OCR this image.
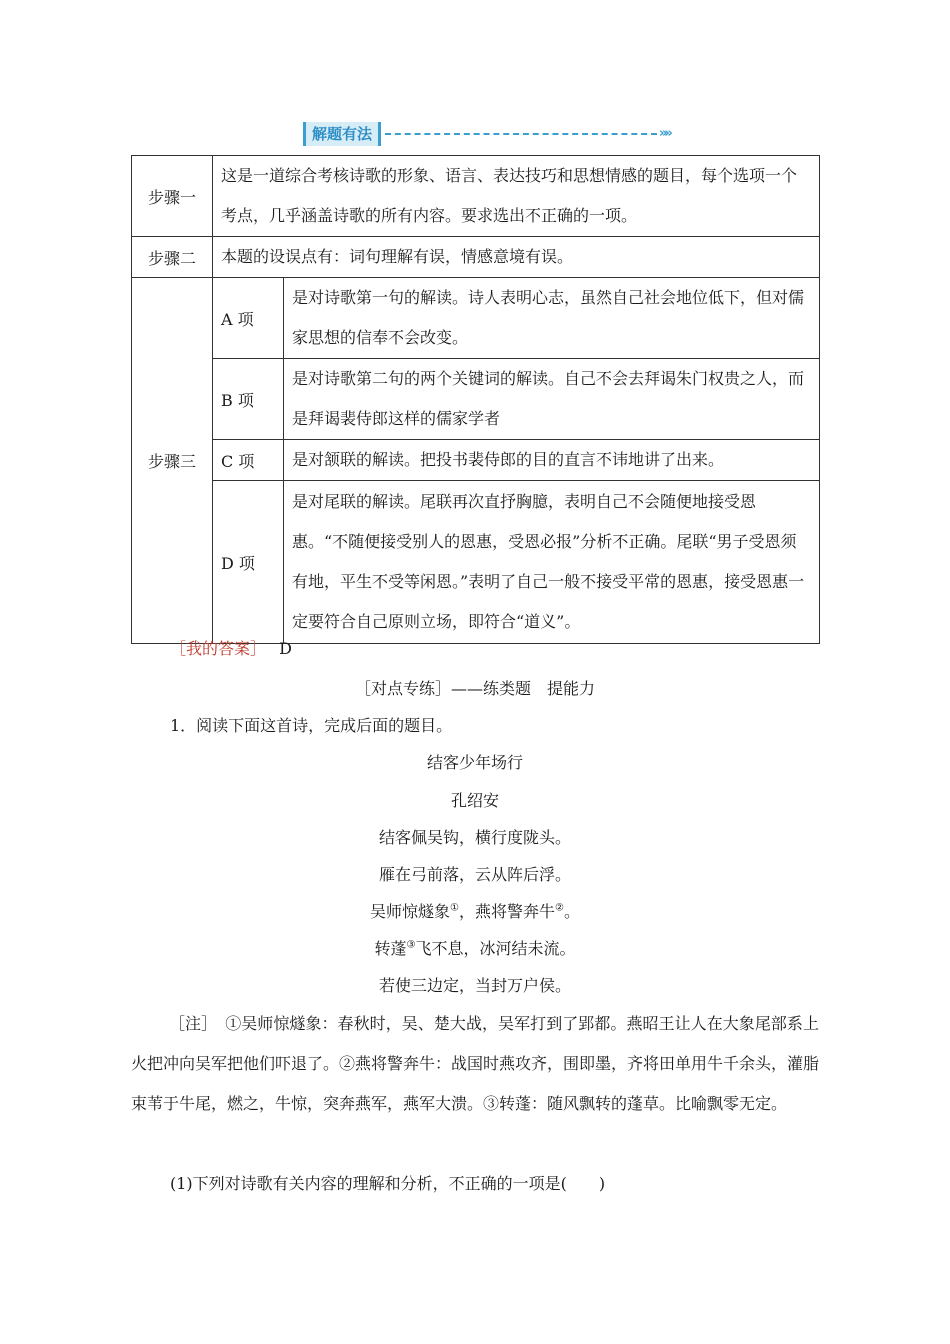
解题有法	»»
步骤一	这是一道综合考核诗歌的形象、语言、表达技巧和思想情感的题目，每个选项一个考点，几乎涵盖诗歌的所有内容。要求选出不正确的一项。	
步骤二	本题的设误点有：词句理解有误，情感意境有误。	
步骤三	A 项	是对诗歌第一句的解读。诗人表明心志，虽然自己社会地位低下，但对儒家思想的信奉不会改变。
	B 项	是对诗歌第二句的两个关键词的解读。自己不会去拜谒朱门权贵之人，而是拜谒裴侍郎这样的儒家学者
	C 项	是对颔联的解读。把投书裴侍郎的目的直言不讳地讲了出来。
	D 项	是对尾联的解读。尾联再次直抒胸臆，表明自己不会随便地接受恩惠。“不随便接受别人的恩惠，受恩必报”分析不正确。尾联“男子受恩须有地，平生不受等闲恩。”表明了自己一般不接受平常的恩惠，接受恩惠一定要符合自己原则立场，即符合“道义”。
［我的答案］ D
［对点专练］——练类题　提能力
1．阅读下面这首诗，完成后面的题目。
结客少年场行
孔绍安
结客佩吴钩，横行度陇头。
雁在弓前落，云从阵后浮。
吴师惊燧象①，燕将警奔牛②。
转蓬③飞不息，冰河结未流。
若使三边定，当封万户侯。
［注］　①吴师惊燧象：春秋时，吴、楚大战，吴军打到了郢都。燕昭王让人在大象尾部系上火把冲向吴军把他们吓退了。②燕将警奔牛：战国时燕攻齐，围即墨，齐将田单用牛千余头，灌脂束苇于牛尾，燃之，牛惊，突奔燕军，燕军大溃。③转蓬：随风飘转的蓬草。比喻飘零无定。
(1)下列对诗歌有关内容的理解和分析，不正确的一项是(　　)
